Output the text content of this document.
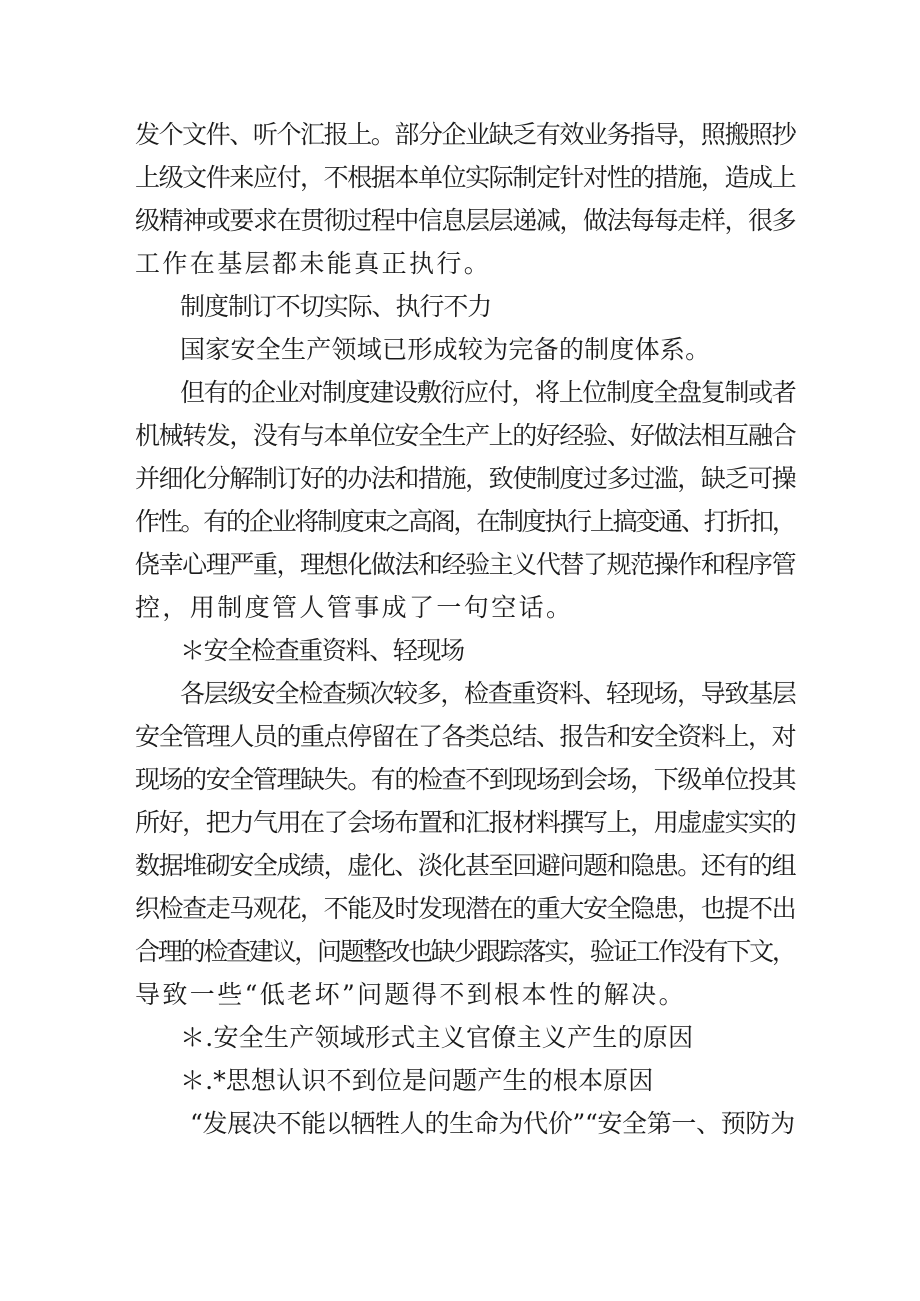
发个文件、听个汇报上。部分企业缺乏有效业务指导，照搬照抄
上级文件来应付，不根据本单位实际制定针对性的措施，造成上
级精神或要求在贯彻过程中信息层层递减，做法每每走样，很多
工作在基层都未能真正执行。
制度制订不切实际、执行不力
国家安全生产领域已形成较为完备的制度体系。
但有的企业对制度建设敷衍应付，将上位制度全盘复制或者
机械转发，没有与本单位安全生产上的好经验、好做法相互融合
并细化分解制订好的办法和措施，致使制度过多过滥，缺乏可操
作性。有的企业将制度束之高阁，在制度执行上搞变通、打折扣，
侥幸心理严重，理想化做法和经验主义代替了规范操作和程序管
控，用制度管人管事成了一句空话。
＊安全检查重资料、轻现场
各层级安全检查频次较多，检查重资料、轻现场，导致基层
安全管理人员的重点停留在了各类总结、报告和安全资料上，对
现场的安全管理缺失。有的检查不到现场到会场，下级单位投其
所好，把力气用在了会场布置和汇报材料撰写上，用虚虚实实的
数据堆砌安全成绩，虚化、淡化甚至回避问题和隐患。还有的组
织检查走马观花，不能及时发现潜在的重大安全隐患，也提不出
合理的检查建议，问题整改也缺少跟踪落实，验证工作没有下文，
导致一些“低老坏”问题得不到根本性的解决。
＊.安全生产领域形式主义官僚主义产生的原因
＊.*思想认识不到位是问题产生的根本原因
“发展决不能以牺牲人的生命为代价”“安全第一、预防为
